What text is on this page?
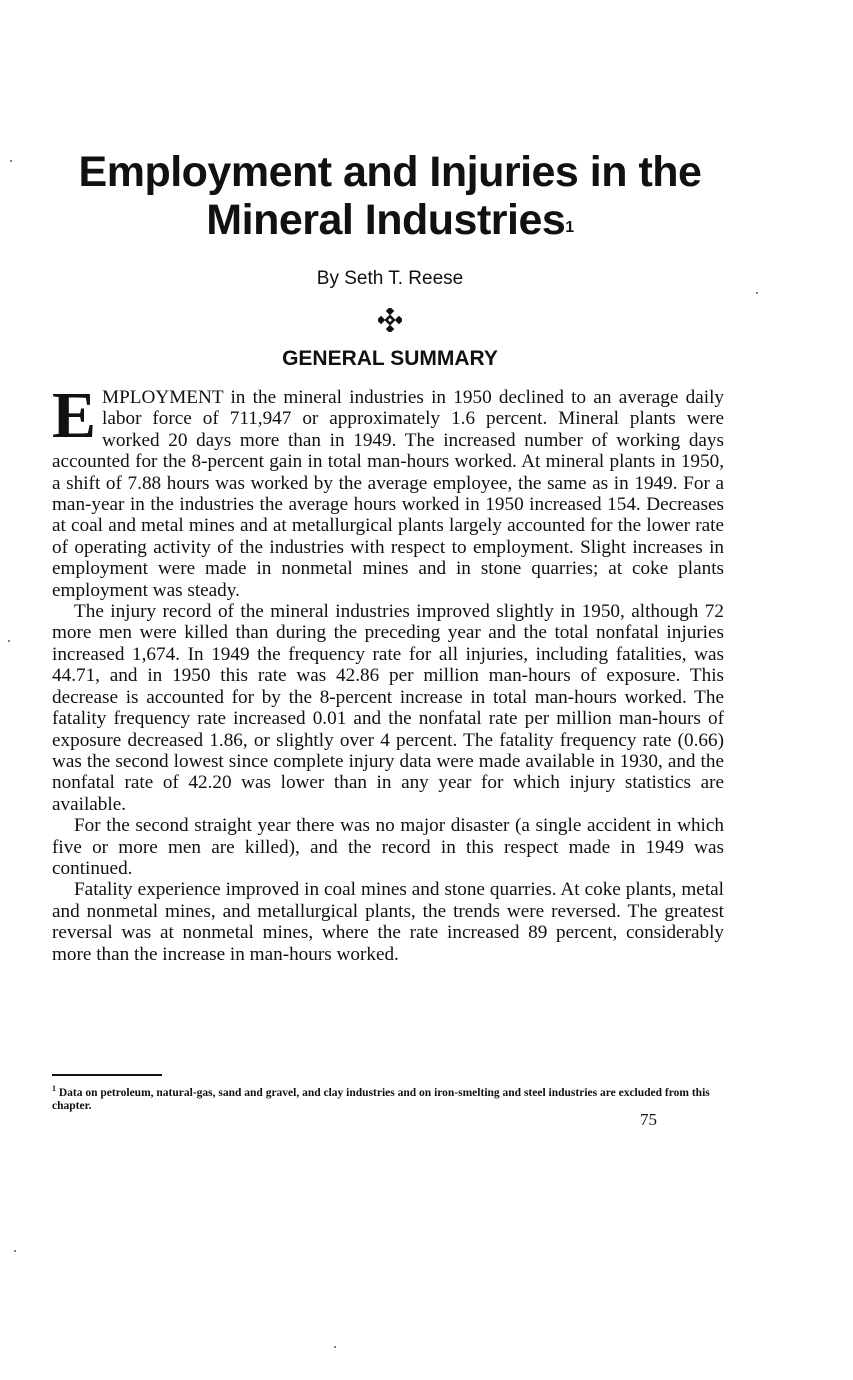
Employment and Injuries in the Mineral Industries$^1$

By Seth T. Reese

GENERAL SUMMARY

EMPLOYMENT in the mineral industries in 1950 declined to an average daily labor force of 711,947 or approximately 1.6 percent. Mineral plants were worked 20 days more than in 1949. The increased number of working days accounted for the 8-percent gain in total man-hours worked. At mineral plants in 1950, a shift of 7.88 hours was worked by the average employee, the same as in 1949. For a man-year in the industries the average hours worked in 1950 increased 154. Decreases at coal and metal mines and at metallurgical plants largely accounted for the lower rate of operating activity of the industries with respect to employment. Slight increases in employment were made in nonmetal mines and in stone quarries; at coke plants employment was steady.

The injury record of the mineral industries improved slightly in 1950, although 72 more men were killed than during the preceding year and the total nonfatal injuries increased 1,674. In 1949 the frequency rate for all injuries, including fatalities, was 44.71, and in 1950 this rate was 42.86 per million man-hours of exposure. This decrease is accounted for by the 8-percent increase in total man-hours worked. The fatality frequency rate increased 0.01 and the nonfatal rate per million man-hours of exposure decreased 1.86, or slightly over 4 percent. The fatality frequency rate (0.66) was the second lowest since complete injury data were made available in 1930, and the nonfatal rate of 42.20 was lower than in any year for which injury statistics are available.

For the second straight year there was no major disaster (a single accident in which five or more men are killed), and the record in this respect made in 1949 was continued.

Fatality experience improved in coal mines and stone quarries. At coke plants, metal and nonmetal mines, and metallurgical plants, the trends were reversed. The greatest reversal was at nonmetal mines, where the rate increased 89 percent, considerably more than the increase in man-hours worked.

$^1$ Data on petroleum, natural-gas, sand and gravel, and clay industries and on iron-smelting and steel industries are excluded from this chapter.

75
